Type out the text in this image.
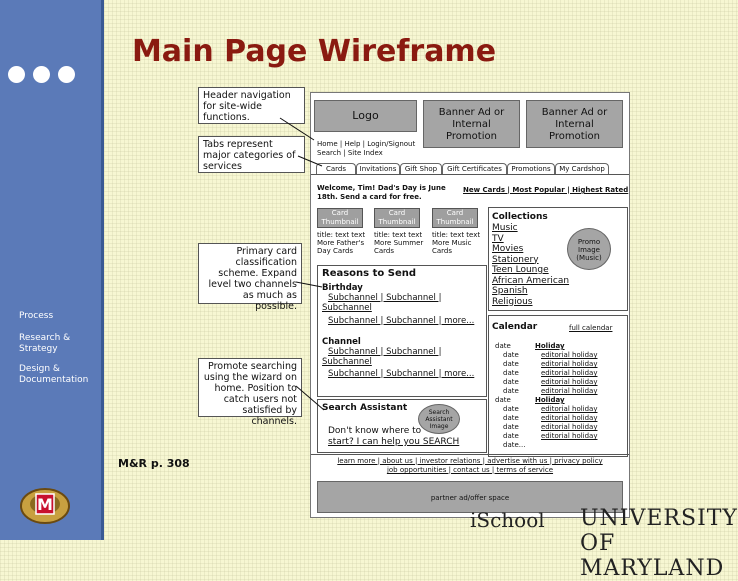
Process
Research & Strategy
Design & Documentation
M
Main Page Wireframe
M&R p. 308
Header navigation for site-wide functions.
Tabs represent major categories of services
Primary card classification scheme. Expand level two channels as much as possible.
Promote searching using the wizard on home. Position to catch users not satisfied by channels.
Logo	Banner Ad or Internal Promotion
Banner Ad or Internal Promotion
Home | Help | Login/Signout
Search | Site Index
Cards	Invitations	Gift Shop	Gift Certificates	Promotions	My Cardshop
Welcome, Tim! Dad's Day is June 18th. Send a card for free.
New Cards | Most Popular | Highest Rated
Card Thumbnail
title: text text More Father's Day Cards
Card Thumbnail
title: text text More Summer Cards
Card Thumbnail
title: text text More Music Cards
Collections
Music
TV
Movies
Stationery
Teen Lounge
African American
Spanish
Religious
Promo Image (Music)
Reasons to Send
Birthday
Subchannel | Subchannel |
Subchannel
Subchannel | Subchannel | more...
Channel
Subchannel | Subchannel |
Subchannel
Subchannel | Subchannel | more...
Calendar	full calendar
date	Holiday
date	editorial holiday
date	editorial holiday
date	editorial holiday
date	editorial holiday
date	editorial holiday
date	Holiday
date	editorial holiday
date	editorial holiday
date	editorial holiday
date	editorial holiday
date...
Search Assistant	Search Assistant Image
Don't know where to
start? I can help you SEARCH
learn more | about us | investor relations | advertise with us | privacy policy
job opportunities | contact us | terms of service
partner ad/offer space
iSchool UNIVERSITY OF MARYLAND
